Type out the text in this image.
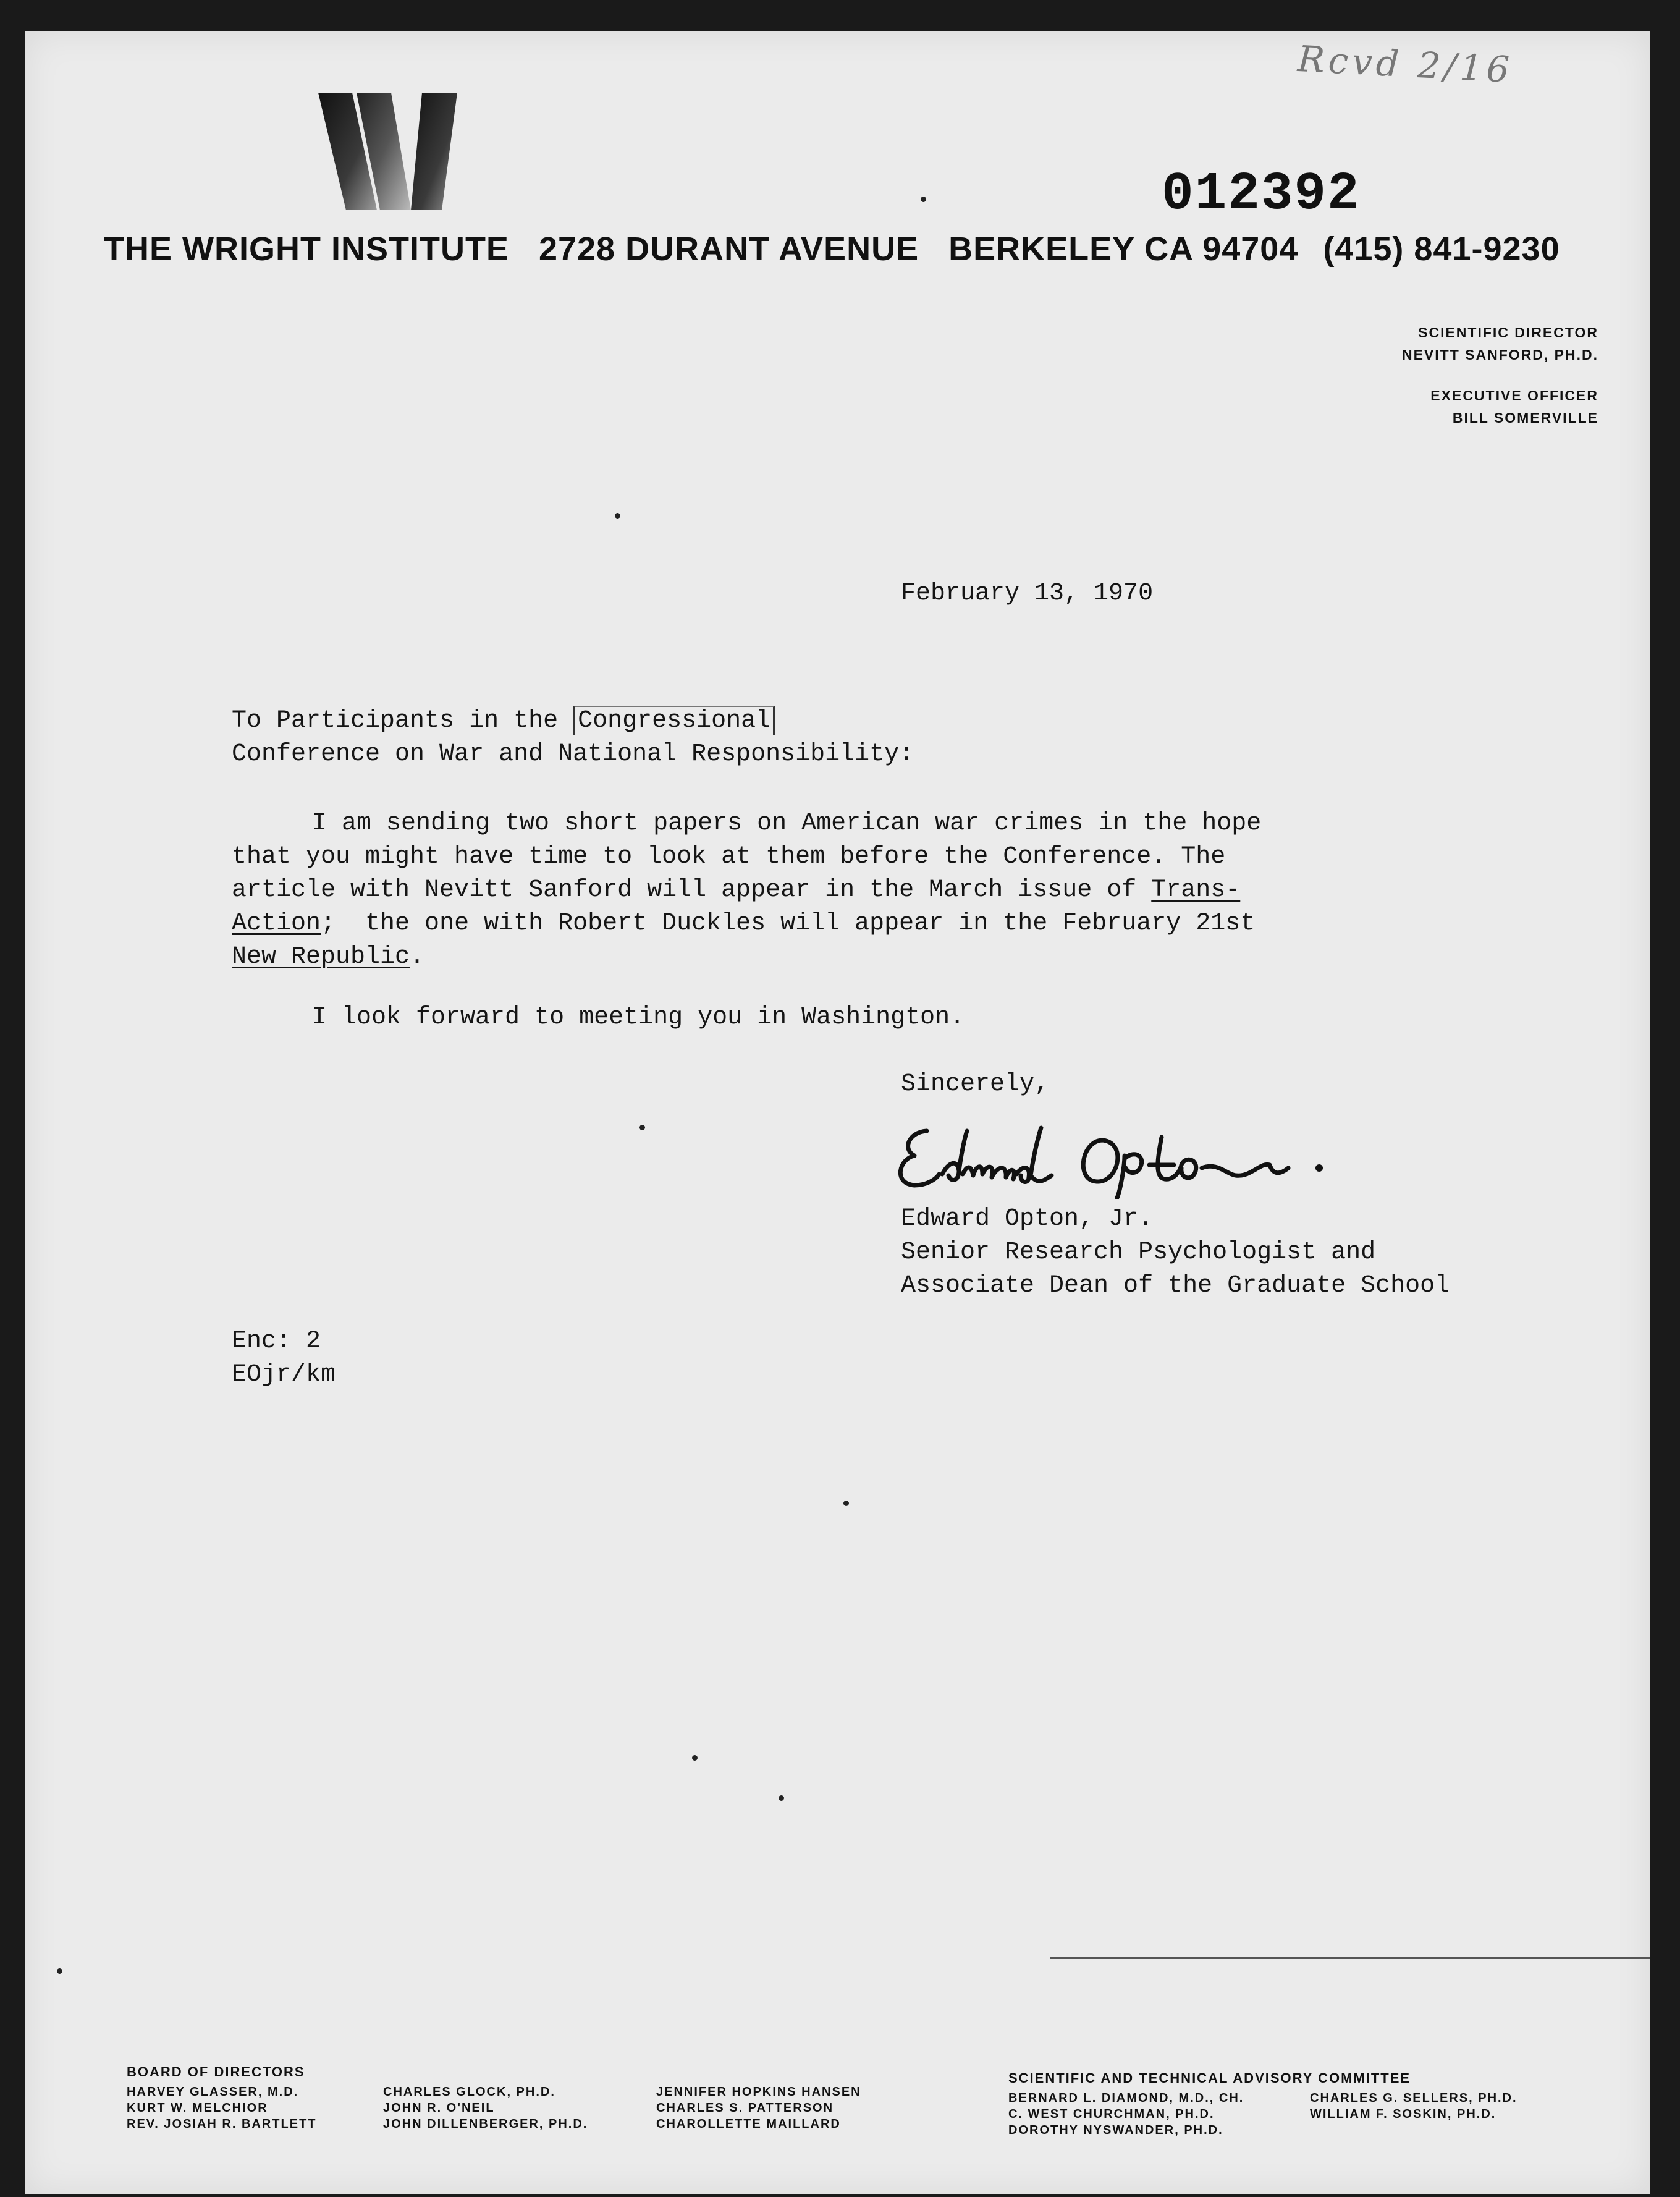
Rcvd 2/16
012392
THE WRIGHT INSTITUTE 2728 DURANT AVENUE BERKELEY CA 94704 (415) 841-9230
SCIENTIFIC DIRECTOR
NEVITT SANFORD, PH.D.
EXECUTIVE OFFICER
BILL SOMERVILLE
February 13, 1970
To Participants in the Congressional
Conference on War and National Responsibility:
I am sending two short papers on American war crimes in the hope
that you might have time to look at them before the Conference. The
article with Nevitt Sanford will appear in the March issue of Trans-
Action;  the one with Robert Duckles will appear in the February 21st
New Republic.
I look forward to meeting you in Washington.
Sincerely,
Edward Opton, Jr.
Senior Research Psychologist and
Associate Dean of the Graduate School
Enc: 2
EOjr/km
BOARD OF DIRECTORS
HARVEY GLASSER, M.D.
KURT W. MELCHIOR
REV. JOSIAH R. BARTLETT
CHARLES GLOCK, PH.D.
JOHN R. O'NEIL
JOHN DILLENBERGER, PH.D.
JENNIFER HOPKINS HANSEN
CHARLES S. PATTERSON
CHAROLLETTE MAILLARD
SCIENTIFIC AND TECHNICAL ADVISORY COMMITTEE
BERNARD L. DIAMOND, M.D., CH.
C. WEST CHURCHMAN, PH.D.
DOROTHY NYSWANDER, PH.D.
CHARLES G. SELLERS, PH.D.
WILLIAM F. SOSKIN, PH.D.
